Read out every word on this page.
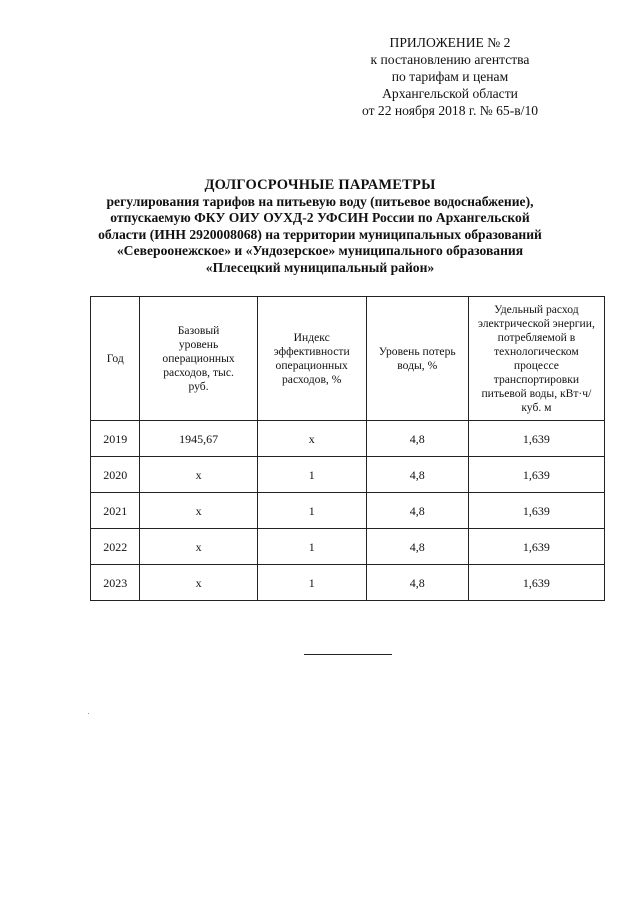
ПРИЛОЖЕНИЕ № 2
к постановлению агентства
по тарифам и ценам
Архангельской области
от 22 ноября 2018 г. № 65-в/10
ДОЛГОСРОЧНЫЕ ПАРАМЕТРЫ
регулирования тарифов на питьевую воду (питьевое водоснабжение),
отпускаемую ФКУ ОИУ ОУХД-2 УФСИН России по Архангельской
области (ИНН 2920008068) на территории муниципальных образований
«Североонежское» и «Ундозерское» муниципального образования
«Плесецкий муниципальный район»
Год	Базовый уровень операционных расходов, тыс. руб.	Индекс эффективности операционных расходов, %	Уровень потерь воды, %	Удельный расход электрической энергии, потребляемой в технологическом процессе транспортировки питьевой воды, кВт·ч/куб. м

2019	1945,67	х	4,8	1,639
2020	х	1	4,8	1,639
2021	х	1	4,8	1,639
2022	х	1	4,8	1,639
2023	х	1	4,8	1,639
